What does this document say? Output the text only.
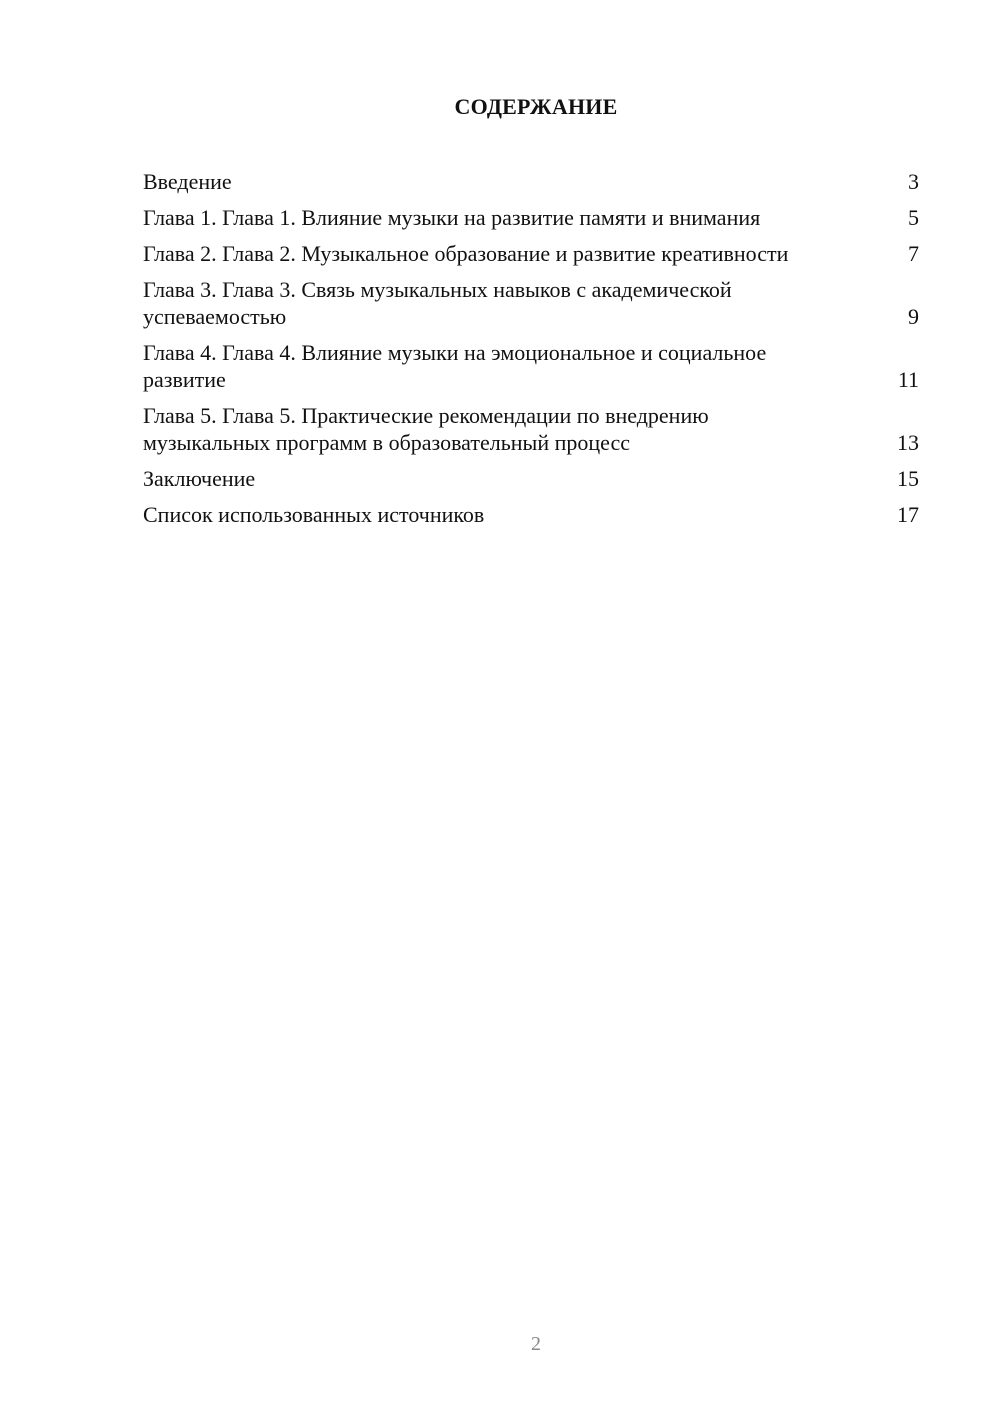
СОДЕРЖАНИЕ
Введение	3
Глава 1. Глава 1. Влияние музыки на развитие памяти и внимания	5
Глава 2. Глава 2. Музыкальное образование и развитие креативности	7
Глава 3. Глава 3. Связь музыкальных навыков с академической успеваемостью	9
Глава 4. Глава 4. Влияние музыки на эмоциональное и социальное развитие	11
Глава 5. Глава 5. Практические рекомендации по внедрению музыкальных программ в образовательный процесс	13
Заключение	15
Список использованных источников	17
2
